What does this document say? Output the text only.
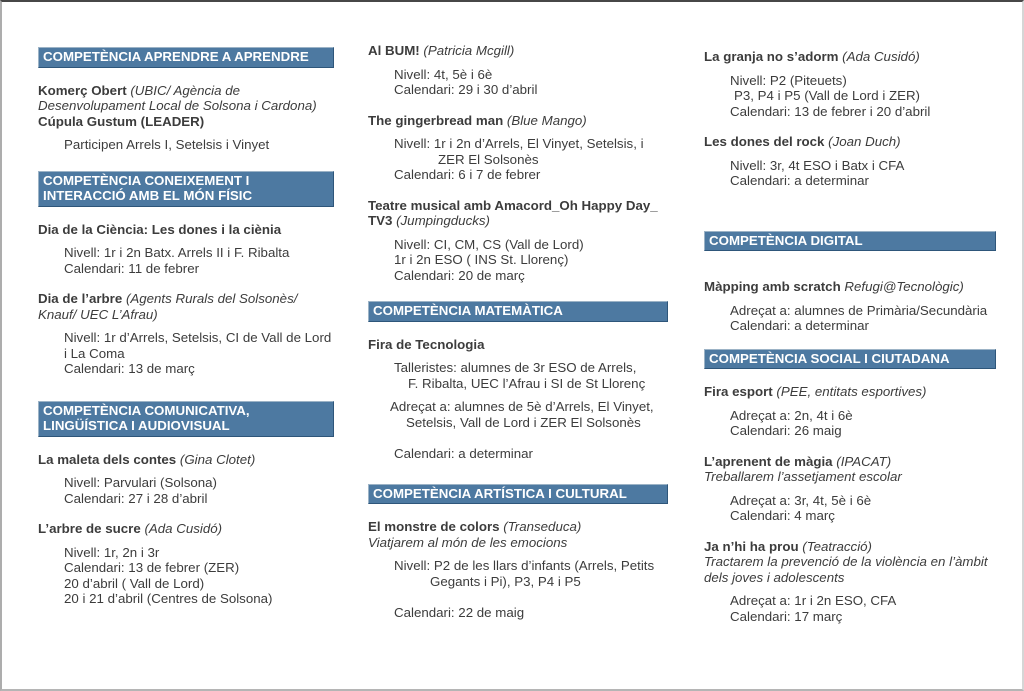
COMPETÈNCIA APRENDRE A APRENDRE

Komerç Obert (UBIC/ Agència de Desenvolupament Local de Solsona i Cardona)
Cúpula Gustum (LEADER)

Participen Arrels I, Setelsis i Vinyet
COMPETÈNCIA CONEIXEMENT I INTERACCIÓ AMB EL MÓN FÍSIC

Dia de la Ciència: Les dones i la ciènia

Nivell: 1r i 2n Batx. Arrels II i F. Ribalta
Calendari: 11 de febrer

Dia de l’arbre (Agents Rurals del Solsonès/ Knauf/ UEC L’Afrau)

Nivell: 1r d’Arrels, Setelsis, CI de Vall de Lord i La Coma
Calendari: 13 de març
COMPETÈNCIA COMUNICATIVA, LINGÜÍSTICA I AUDIOVISUAL

La maleta dels contes (Gina Clotet)

Nivell: Parvulari (Solsona)
Calendari: 27 i 28 d’abril

L’arbre de sucre (Ada Cusidó)

Nivell: 1r, 2n i 3r
Calendari: 13 de febrer (ZER)
20 d’abril ( Vall de Lord)
20 i 21 d’abril (Centres de Solsona)

Al BUM! (Patricia Mcgill)

Nivell: 4t, 5è i 6è
Calendari: 29 i 30 d’abril

The gingerbread man (Blue Mango)

Nivell: 1r i 2n d’Arrels, El Vinyet, Setelsis, i
ZER El Solsonès
Calendari: 6 i 7 de febrer

Teatre musical amb Amacord_Oh Happy Day_ TV3 (Jumpingducks)

Nivell: CI, CM, CS (Vall de Lord)
1r i 2n ESO ( INS St. Llorenç)
Calendari: 20 de març
COMPETÈNCIA MATEMÀTICA

Fira de Tecnologia

Talleristes: alumnes de 3r ESO de Arrels,
F. Ribalta, UEC l’Afrau i SI de St Llorenç
Adreçat a: alumnes de 5è d’Arrels, El Vinyet,
Setelsis, Vall de Lord i ZER El Solsonès
Calendari: a determinar
COMPETÈNCIA ARTÍSTICA I CULTURAL

El monstre de colors (Transeduca)
Viatjarem al món de les emocions

Nivell: P2 de les llars d’infants (Arrels, Petits
Gegants i Pi), P3, P4 i P5
Calendari: 22 de maig

La granja no s’adorm (Ada Cusidó)

Nivell: P2 (Piteuets)
P3, P4 i P5 (Vall de Lord i ZER)
Calendari: 13 de febrer i 20 d’abril

Les dones del rock (Joan Duch)

Nivell: 3r, 4t ESO i Batx i CFA
Calendari: a determinar
COMPETÈNCIA DIGITAL

Màpping amb scratch Refugi@Tecnològic)

Adreçat a: alumnes de Primària/Secundària
Calendari: a determinar
COMPETÈNCIA SOCIAL I CIUTADANA

Fira esport (PEE, entitats esportives)

Adreçat a: 2n, 4t i 6è
Calendari: 26 maig

L’aprenent de màgia (IPACAT)
Treballarem l’assetjament escolar

Adreçat a: 3r, 4t, 5è i 6è
Calendari: 4 març

Ja n’hi ha prou (Teatracció)
Tractarem la prevenció de la violència en l’àmbit dels joves i adolescents

Adreçat a: 1r i 2n ESO, CFA
Calendari: 17 març
